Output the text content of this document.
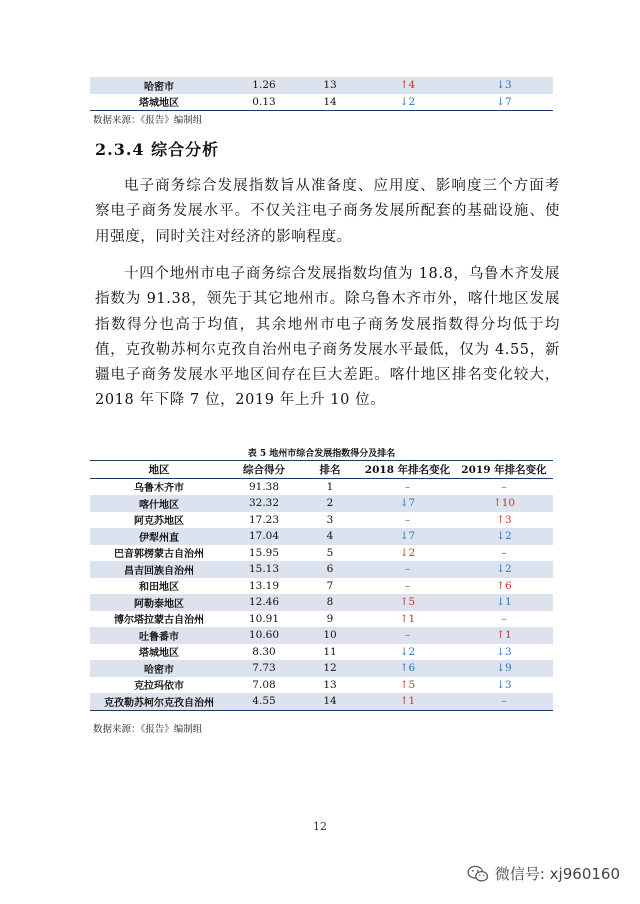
哈密市	1.26	13	↑4	↓3
塔城地区	0.13	14	↓2	↓7
数据来源：《报告》编制组
2.3.4 综合分析

电子商务综合发展指数旨从准备度、应用度、影响度三个方面考察电子商务发展水平。不仅关注电子商务发展所配套的基础设施、使用强度，同时关注对经济的影响程度。

十四个地州市电子商务综合发展指数均值为 18.8，乌鲁木齐发展指数为 91.38，领先于其它地州市。除乌鲁木齐市外，喀什地区发展指数得分也高于均值，其余地州市电子商务发展指数得分均低于均值，克孜勒苏柯尔克孜自治州电子商务发展水平最低，仅为 4.55，新疆电子商务发展水平地区间存在巨大差距。喀什地区排名变化较大，2018 年下降 7 位，2019 年上升 10 位。

表 5 地州市综合发展指数得分及排名
地区	综合得分	排名	2018 年排名变化	2019 年排名变化
乌鲁木齐市	91.38	1	–	–
喀什地区	32.32	2	↓7	↑10
阿克苏地区	17.23	3	–	↑3
伊犁州直	17.04	4	↓7	↓2
巴音郭楞蒙古自治州	15.95	5	↓2	–
昌吉回族自治州	15.13	6	–	↓2
和田地区	13.19	7	–	↑6
阿勒泰地区	12.46	8	↑5	↓1
博尔塔拉蒙古自治州	10.91	9	↑1	–
吐鲁番市	10.60	10	–	↑1
塔城地区	8.30	11	↓2	↓3
哈密市	7.73	12	↑6	↓9
克拉玛依市	7.08	13	↑5	↓3
克孜勒苏柯尔克孜自治州	4.55	14	↑1	–
数据来源：《报告》编制组
12
微信号: xj960160
